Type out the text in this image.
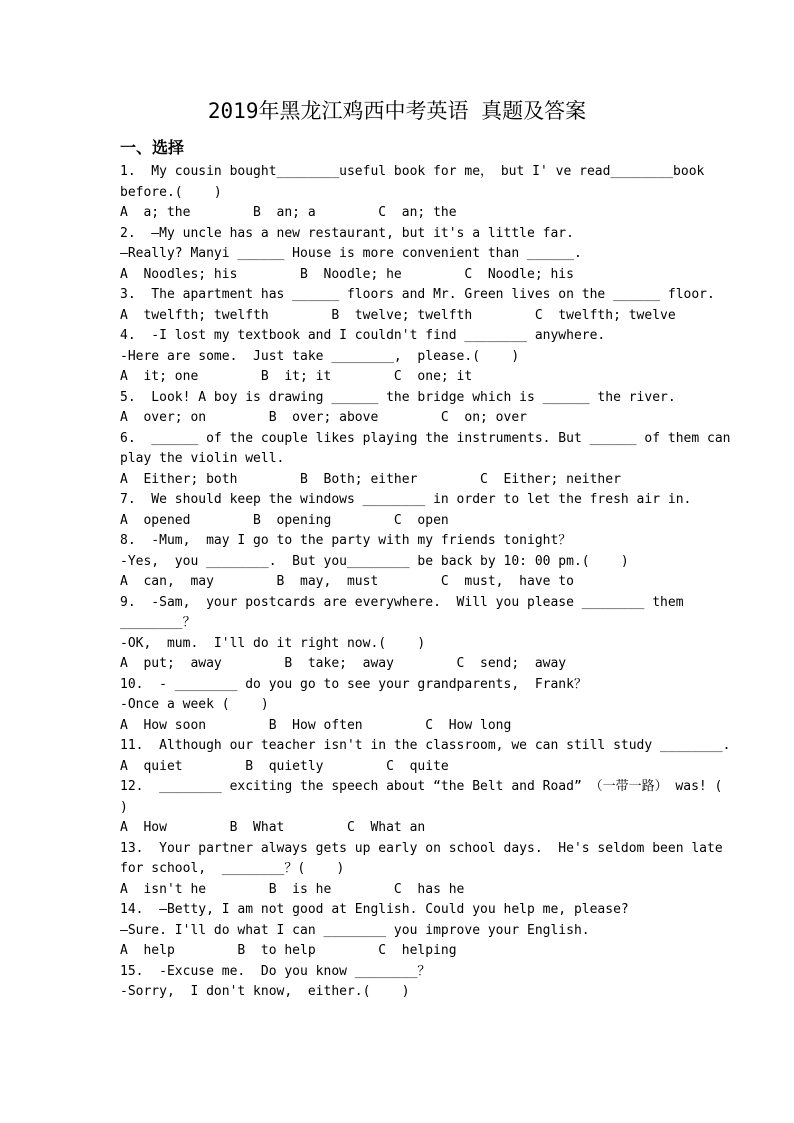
2019年黑龙江鸡西中考英语 真题及答案
一、选择
1.  My cousin bought________useful book for me， but I' ve read________book
before.(    )
A  a; the        B  an; a        C  an; the
2.  —My uncle has a new restaurant, but it's a little far.
—Really? Manyi ______ House is more convenient than ______.
A  Noodles; his        B  Noodle; he        C  Noodle; his
3.  The apartment has ______ floors and Mr. Green lives on the ______ floor.
A  twelfth; twelfth        B  twelve; twelfth        C  twelfth; twelve
4.  -I lost my textbook and I couldn't find ________ anywhere.
-Here are some.  Just take ________,  please.(    )
A  it; one        B  it; it        C  one; it
5.  Look! A boy is drawing ______ the bridge which is ______ the river.
A  over; on        B  over; above        C  on; over
6.  ______ of the couple likes playing the instruments. But ______ of them can
play the violin well.
A  Either; both        B  Both; either        C  Either; neither
7.  We should keep the windows ________ in order to let the fresh air in.
A  opened        B  opening        C  open
8.  -Mum,  may I go to the party with my friends tonight？
-Yes,  you ________.  But you________ be back by 10: 00 pm.(    )
A  can,  may        B  may,  must        C  must,  have to
9.  -Sam,  your postcards are everywhere.  Will you please ________ them
________？
-OK,  mum.  I'll do it right now.(    )
A  put;  away        B  take;  away        C  send;  away
10.  - ________ do you go to see your grandparents,  Frank？
-Once a week (    )
A  How soon        B  How often        C  How long
11.  Although our teacher isn't in the classroom, we can still study ________.
A  quiet        B  quietly        C  quite
12.  ________ exciting the speech about “the Belt and Road” （一带一路） was! (
)
A  How        B  What        C  What an
13.  Your partner always gets up early on school days.  He's seldom been late
for school,  ________？(    )
A  isn't he        B  is he        C  has he
14.  —Betty, I am not good at English. Could you help me, please?
—Sure. I'll do what I can ________ you improve your English.
A  help        B  to help        C  helping
15.  -Excuse me.  Do you know ________？
-Sorry,  I don't know,  either.(    )
